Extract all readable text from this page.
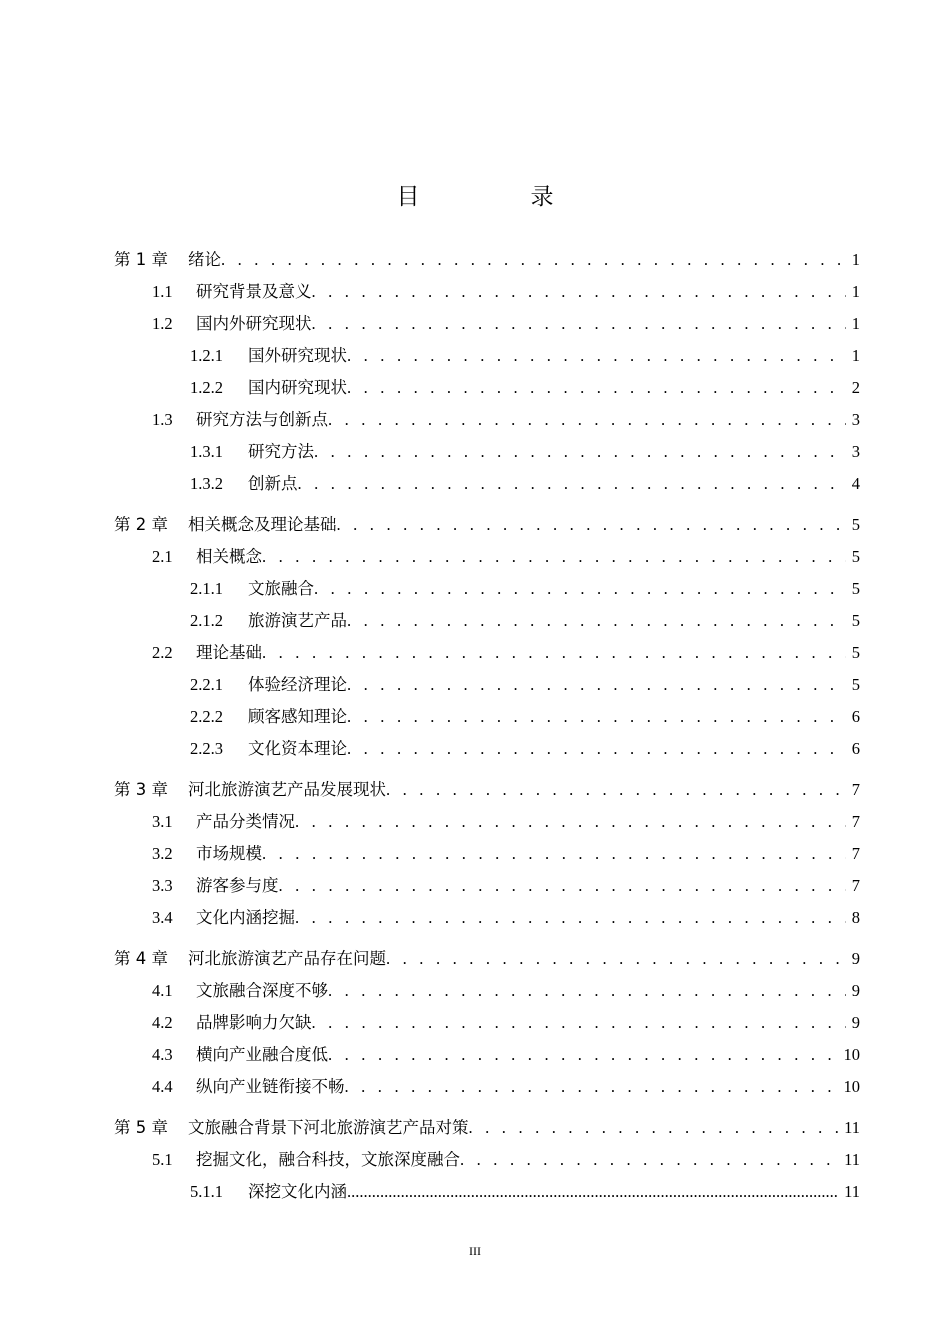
目　录
第 1 章	绪论 . . .	1
1.1	研究背景及意义 . . .	1
1.2	国内外研究现状 . . .	1
1.2.1	国外研究现状 . . .	1
1.2.2	国内研究现状 . . .	2
1.3	研究方法与创新点 . . .	3
1.3.1	研究方法 . . .	3
1.3.2	创新点 . . .	4
第 2 章	相关概念及理论基础 . . .	5
2.1	相关概念 . . .	5
2.1.1	文旅融合 . . .	5
2.1.2	旅游演艺产品 . . .	5
2.2	理论基础 . . .	5
2.2.1	体验经济理论 . . .	5
2.2.2	顾客感知理论 . . .	6
2.2.3	文化资本理论 . . .	6
第 3 章	河北旅游演艺产品发展现状 . . .	7
3.1	产品分类情况 . . .	7
3.2	市场规模 . . .	7
3.3	游客参与度 . . .	7
3.4	文化内涵挖掘 . . .	8
第 4 章	河北旅游演艺产品存在问题 . . .	9
4.1	文旅融合深度不够 . . .	9
4.2	品牌影响力欠缺 . . .	9
4.3	横向产业融合度低 . . .	10
4.4	纵向产业链衔接不畅 . . .	10
第 5 章	文旅融合背景下河北旅游演艺产品对策 . . .	11
5.1	挖掘文化，融合科技，文旅深度融合 . . .	11
5.1.1	深挖文化内涵 .....	11
III
